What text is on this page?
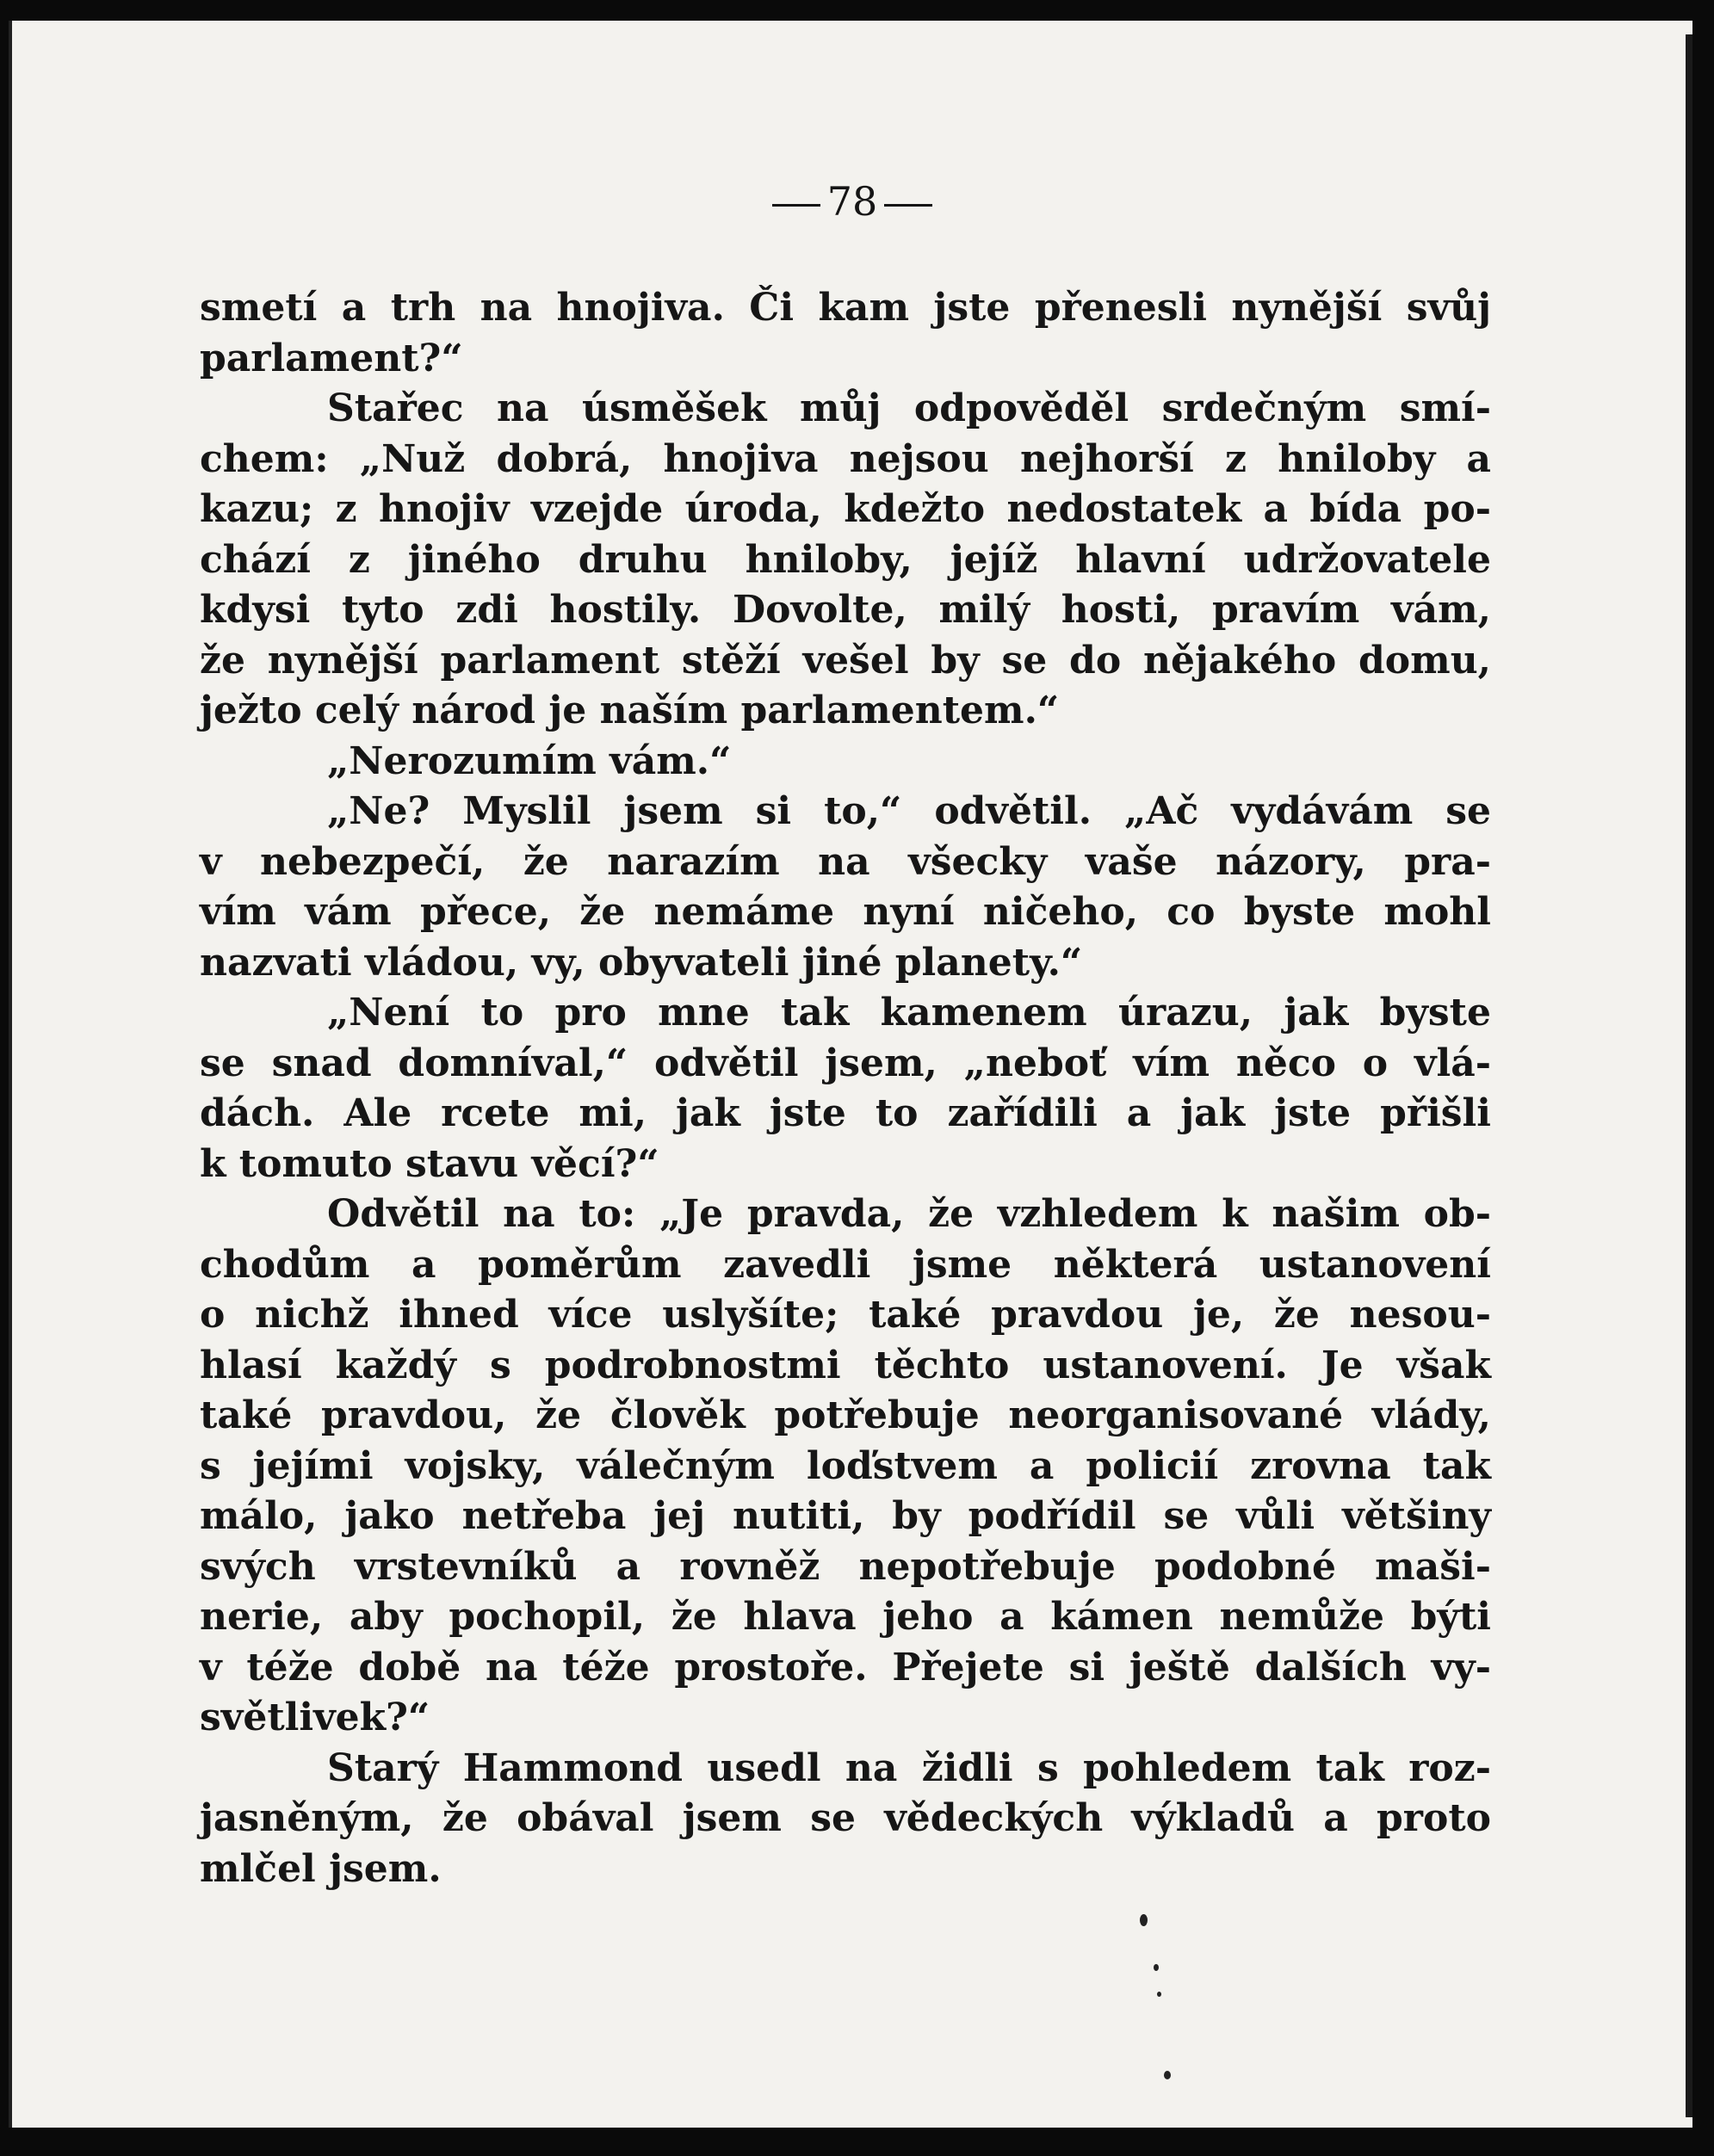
78
smetí a trh na hnojiva. Či kam jste přenesli nynější svůj
parlament?“
Stařec na úsměšek můj odpověděl srdečným smí-
chem: „Nuž dobrá, hnojiva nejsou nejhorší z hniloby a
kazu; z hnojiv vzejde úroda, kdežto nedostatek a bída po-
chází z jiného druhu hniloby, jejíž hlavní udržovatele
kdysi tyto zdi hostily. Dovolte, milý hosti, pravím vám,
že nynější parlament stěží vešel by se do nějakého domu,
ježto celý národ je naším parlamentem.“
„Nerozumím vám.“
„Ne? Myslil jsem si to,“ odvětil. „Ač vydávám se
v nebezpečí, že narazím na všecky vaše názory, pra-
vím vám přece, že nemáme nyní ničeho, co byste mohl
nazvati vládou, vy, obyvateli jiné planety.“
„Není to pro mne tak kamenem úrazu, jak byste
se snad domníval,“ odvětil jsem, „neboť vím něco o vlá-
dách. Ale rcete mi, jak jste to zařídili a jak jste přišli
k tomuto stavu věcí?“
Odvětil na to: „Je pravda, že vzhledem k našim ob-
chodům a poměrům zavedli jsme některá ustanovení
o nichž ihned více uslyšíte; také pravdou je, že nesou-
hlasí každý s podrobnostmi těchto ustanovení. Je však
také pravdou, že člověk potřebuje neorganisované vlády,
s jejími vojsky, válečným loďstvem a policií zrovna tak
málo, jako netřeba jej nutiti, by podřídil se vůli většiny
svých vrstevníků a rovněž nepotřebuje podobné maši-
nerie, aby pochopil, že hlava jeho a kámen nemůže býti
v téže době na téže prostoře. Přejete si ještě dalších vy-
světlivek?“
Starý Hammond usedl na židli s pohledem tak roz-
jasněným, že obával jsem se vědeckých výkladů a proto
mlčel jsem.
